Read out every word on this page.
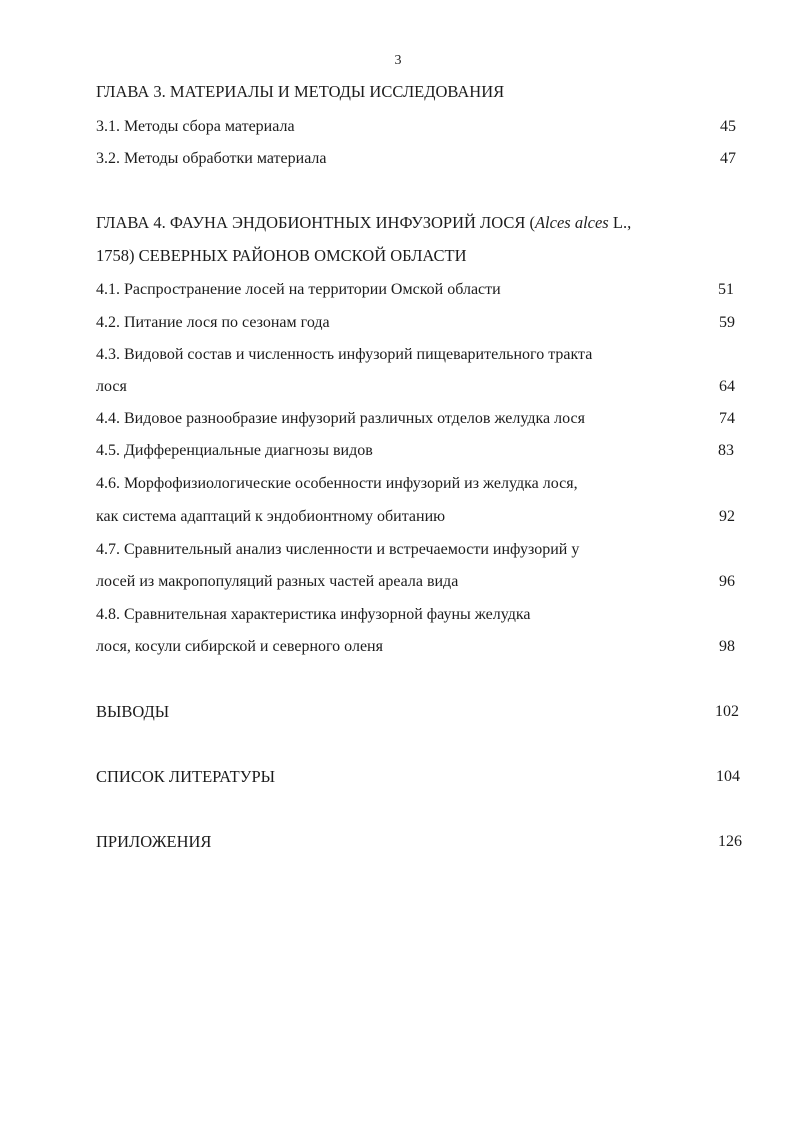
3
ГЛАВА 3. МАТЕРИАЛЫ И МЕТОДЫ ИССЛЕДОВАНИЯ
3.1. Методы сбора материала	45
3.2. Методы обработки материала	47
ГЛАВА 4. ФАУНА ЭНДОБИОНТНЫХ ИНФУЗОРИЙ ЛОСЯ (Alces alces L.,
1758) СЕВЕРНЫХ РАЙОНОВ ОМСКОЙ ОБЛАСТИ
4.1. Распространение лосей на территории Омской области	51
4.2. Питание лося по сезонам года	59
4.3. Видовой состав и численность инфузорий пищеварительного тракта
лося	64
4.4. Видовое разнообразие инфузорий различных отделов желудка лося	74
4.5. Дифференциальные диагнозы видов	83
4.6. Морфофизиологические особенности инфузорий из желудка лося,
как система адаптаций к эндобионтному обитанию	92
4.7. Сравнительный анализ численности и встречаемости инфузорий у
лосей из макропопуляций разных частей ареала вида	96
4.8. Сравнительная характеристика инфузорной фауны желудка
лося, косули сибирской и северного оленя	98
ВЫВОДЫ	102
СПИСОК ЛИТЕРАТУРЫ	104
ПРИЛОЖЕНИЯ	126
